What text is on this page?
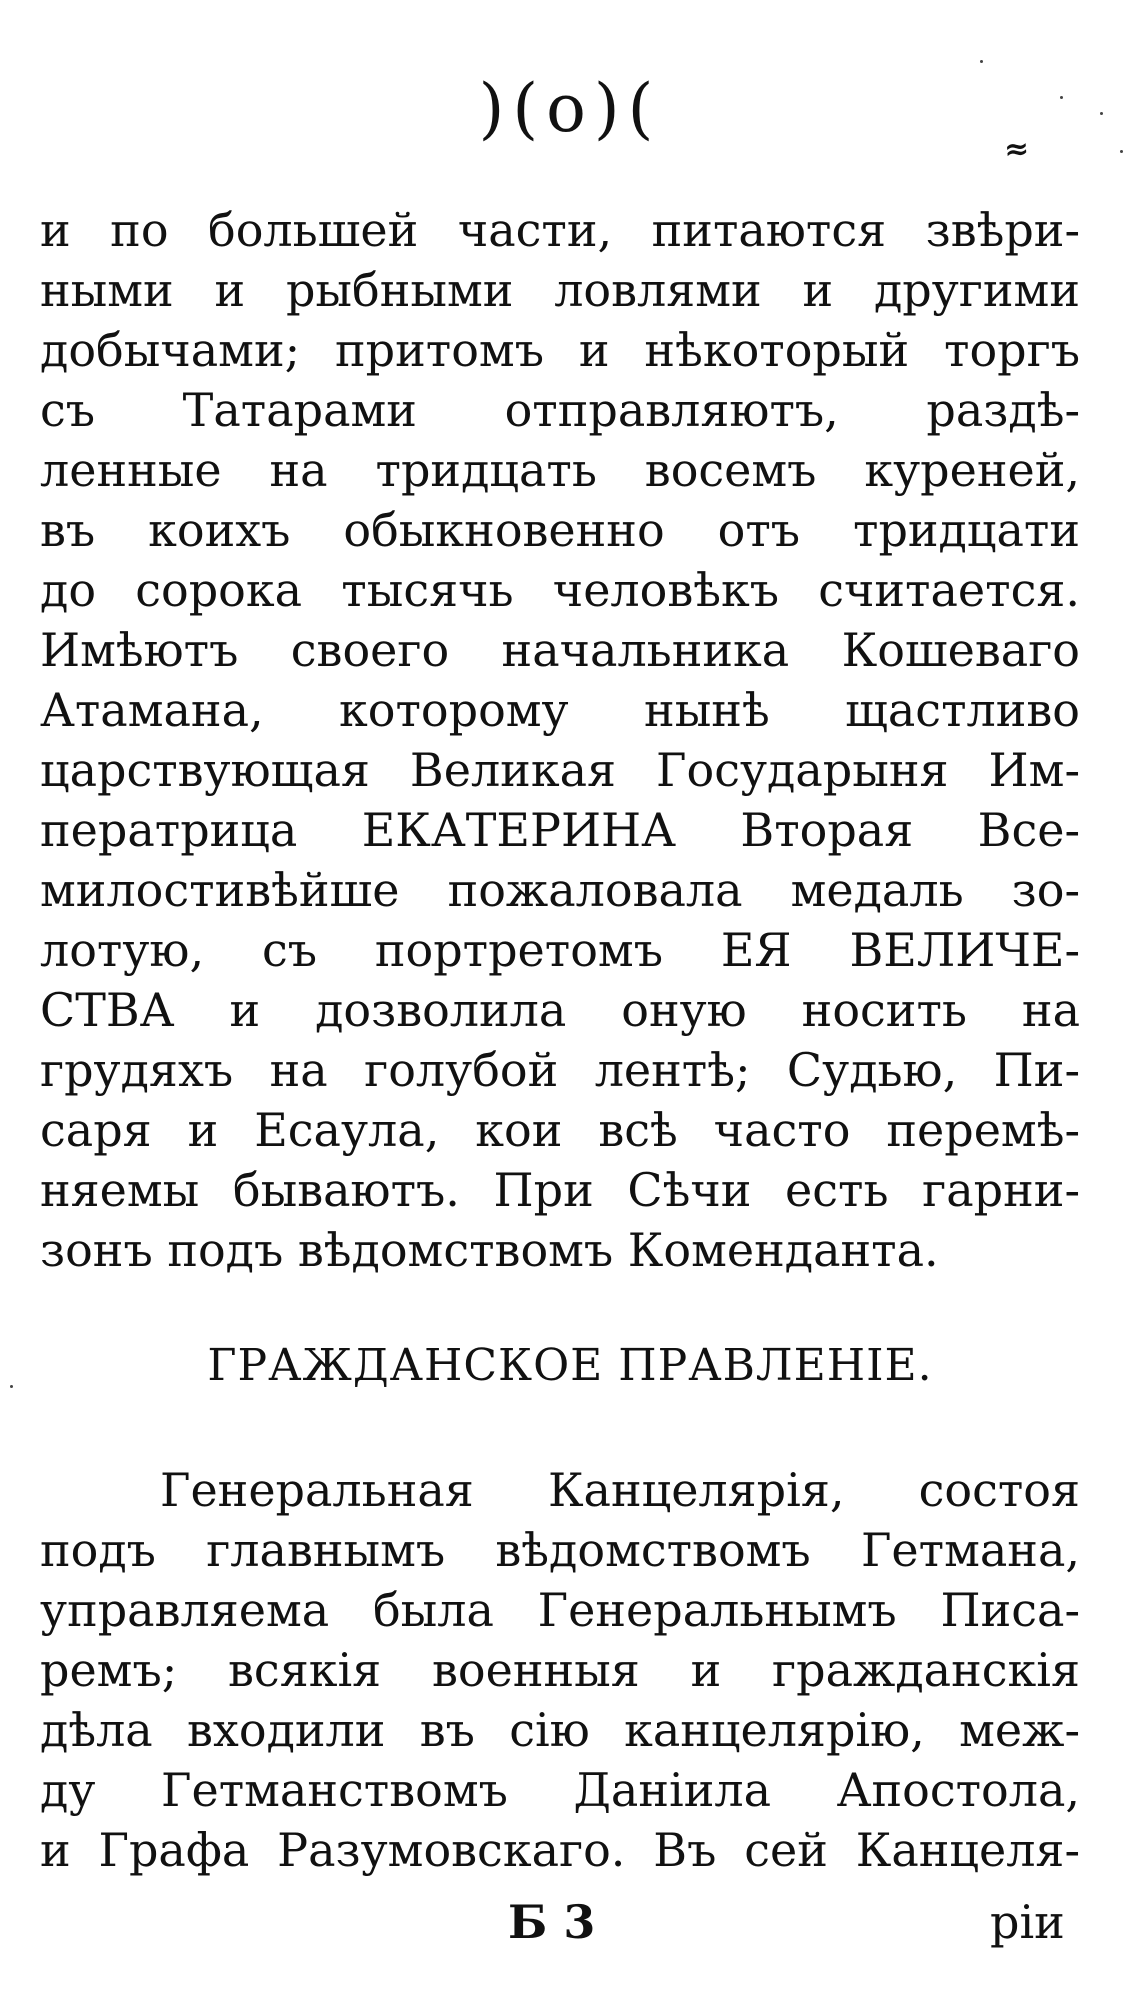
)(o)(
≈
и по большей части, питаются звѣри-
ными и рыбными ловлями и другими
добычами; притомъ и нѣкоторый торгъ
съ Татарами отправляютъ, раздѣ-
ленные на тридцать восемъ куреней,
въ коихъ обыкновенно отъ тридцати
до сорока тысячь человѣкъ считается.
Имѣютъ своего начальника Кошеваго
Атамана, которому нынѣ щастливо
царствующая Великая Государыня Им-
ператрица ЕКАТЕРИНА Вторая Все-
милостивѣйше пожаловала медаль зо-
лотую, съ портретомъ ЕЯ ВЕЛИЧЕ-
СТВА и дозволила оную носить на
грудяхъ на голубой лентѣ; Судью, Пи-
саря и Есаула, кои всѣ часто перемѣ-
няемы бываютъ. При Сѣчи есть гарни-
зонъ подъ вѣдомствомъ Коменданта.
ГРАЖДАНСКОЕ ПРАВЛЕНІЕ.
Генеральная Канцелярія, состоя
подъ главнымъ вѣдомствомъ Гетмана,
управляема была Генеральнымъ Писа-
ремъ; всякія военныя и гражданскія
дѣла входили въ сію канцелярію, меж-
ду Гетманствомъ Даніила Апостола,
и Графа Разумовскаго. Въ сей Канцеля-
Б 3	ріи
